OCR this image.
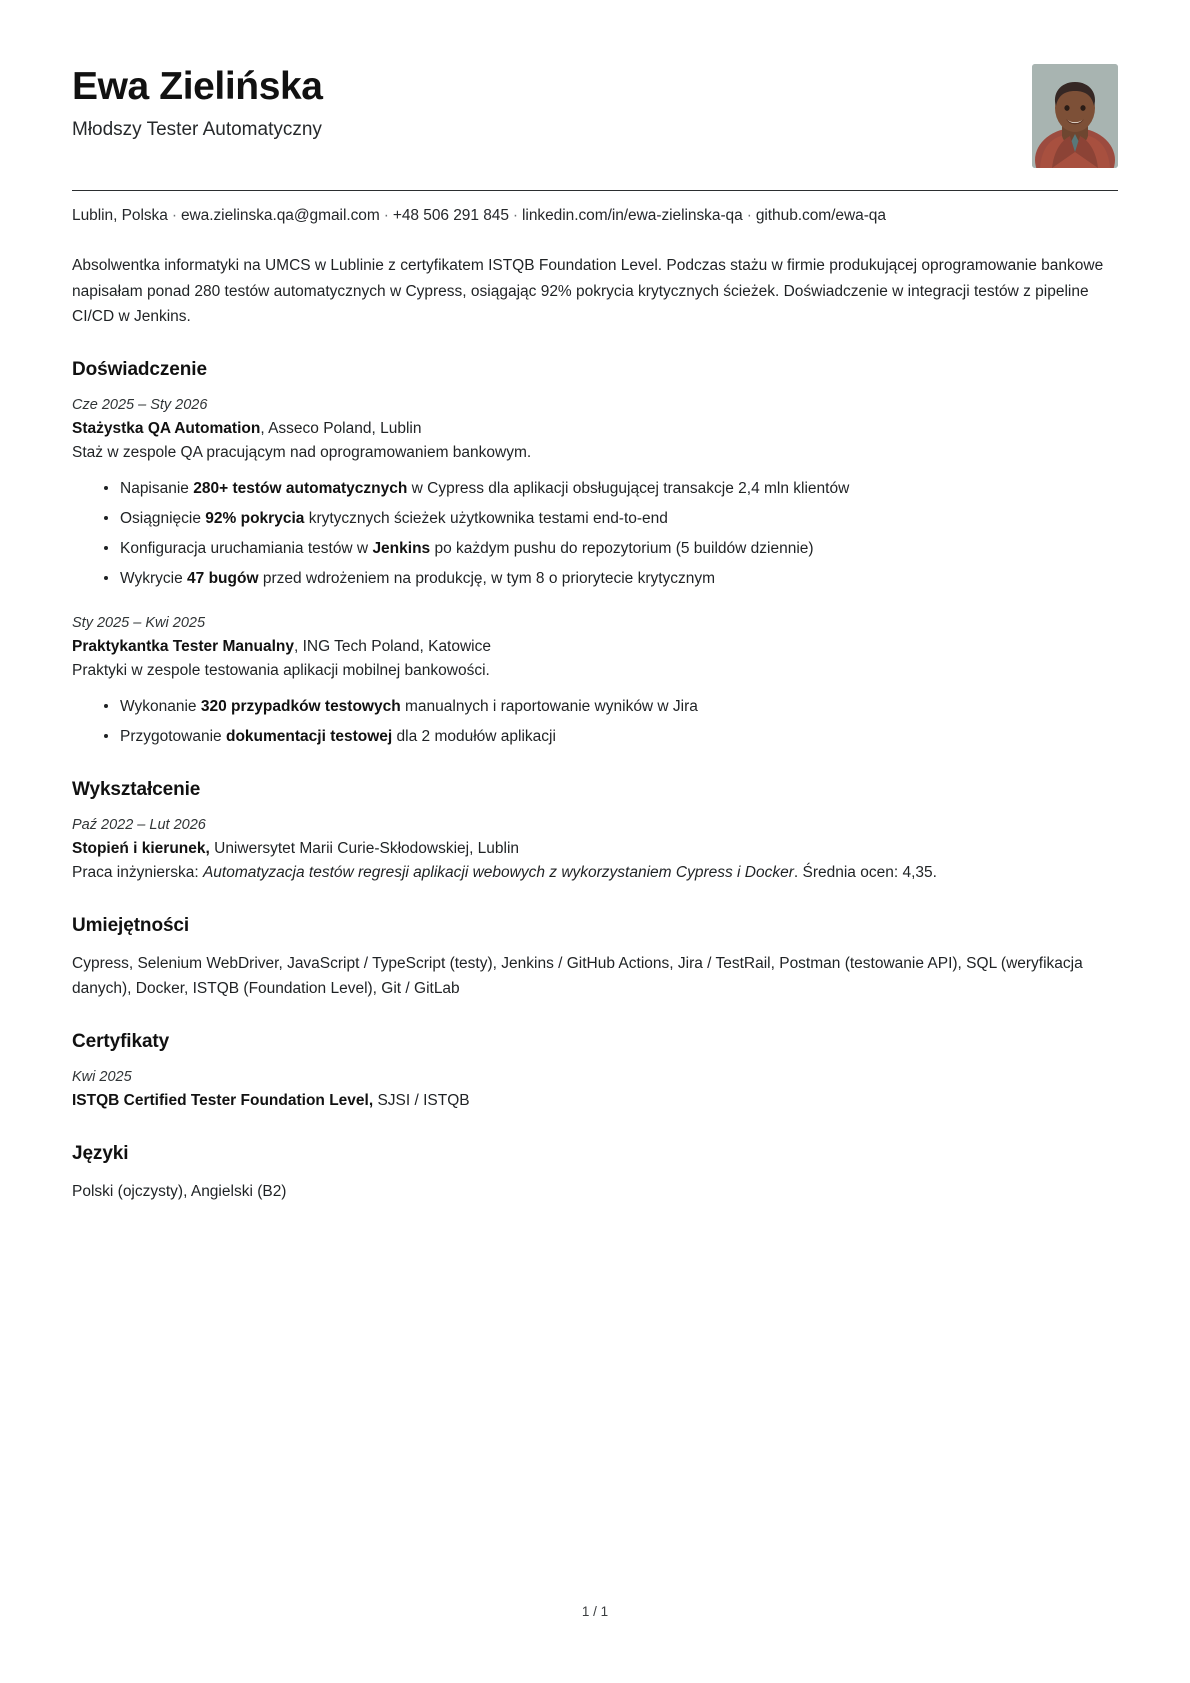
Ewa Zielińska
Młodszy Tester Automatyczny
Lublin, Polska · ewa.zielinska.qa@gmail.com · +48 506 291 845 · linkedin.com/in/ewa-zielinska-qa · github.com/ewa-qa
Absolwentka informatyki na UMCS w Lublinie z certyfikatem ISTQB Foundation Level. Podczas stażu w firmie produkującej oprogramowanie bankowe napisałam ponad 280 testów automatycznych w Cypress, osiągając 92% pokrycia krytycznych ścieżek. Doświadczenie w integracji testów z pipeline CI/CD w Jenkins.
Doświadczenie
Cze 2025 – Sty 2026
Stażystka QA Automation, Asseco Poland, Lublin
Staż w zespole QA pracującym nad oprogramowaniem bankowym.
Napisanie 280+ testów automatycznych w Cypress dla aplikacji obsługującej transakcje 2,4 mln klientów
Osiągnięcie 92% pokrycia krytycznych ścieżek użytkownika testami end-to-end
Konfiguracja uruchamiania testów w Jenkins po każdym pushu do repozytorium (5 buildów dziennie)
Wykrycie 47 bugów przed wdrożeniem na produkcję, w tym 8 o priorytecie krytycznym
Sty 2025 – Kwi 2025
Praktykantka Tester Manualny, ING Tech Poland, Katowice
Praktyki w zespole testowania aplikacji mobilnej bankowości.
Wykonanie 320 przypadków testowych manualnych i raportowanie wyników w Jira
Przygotowanie dokumentacji testowej dla 2 modułów aplikacji
Wykształcenie
Paź 2022 – Lut 2026
Stopień i kierunek, Uniwersytet Marii Curie-Skłodowskiej, Lublin
Praca inżynierska: Automatyzacja testów regresji aplikacji webowych z wykorzystaniem Cypress i Docker. Średnia ocen: 4,35.
Umiejętności
Cypress, Selenium WebDriver, JavaScript / TypeScript (testy), Jenkins / GitHub Actions, Jira / TestRail, Postman (testowanie API), SQL (weryfikacja danych), Docker, ISTQB (Foundation Level), Git / GitLab
Certyfikaty
Kwi 2025
ISTQB Certified Tester Foundation Level, SJSI / ISTQB
Języki
Polski (ojczysty), Angielski (B2)
1 / 1
